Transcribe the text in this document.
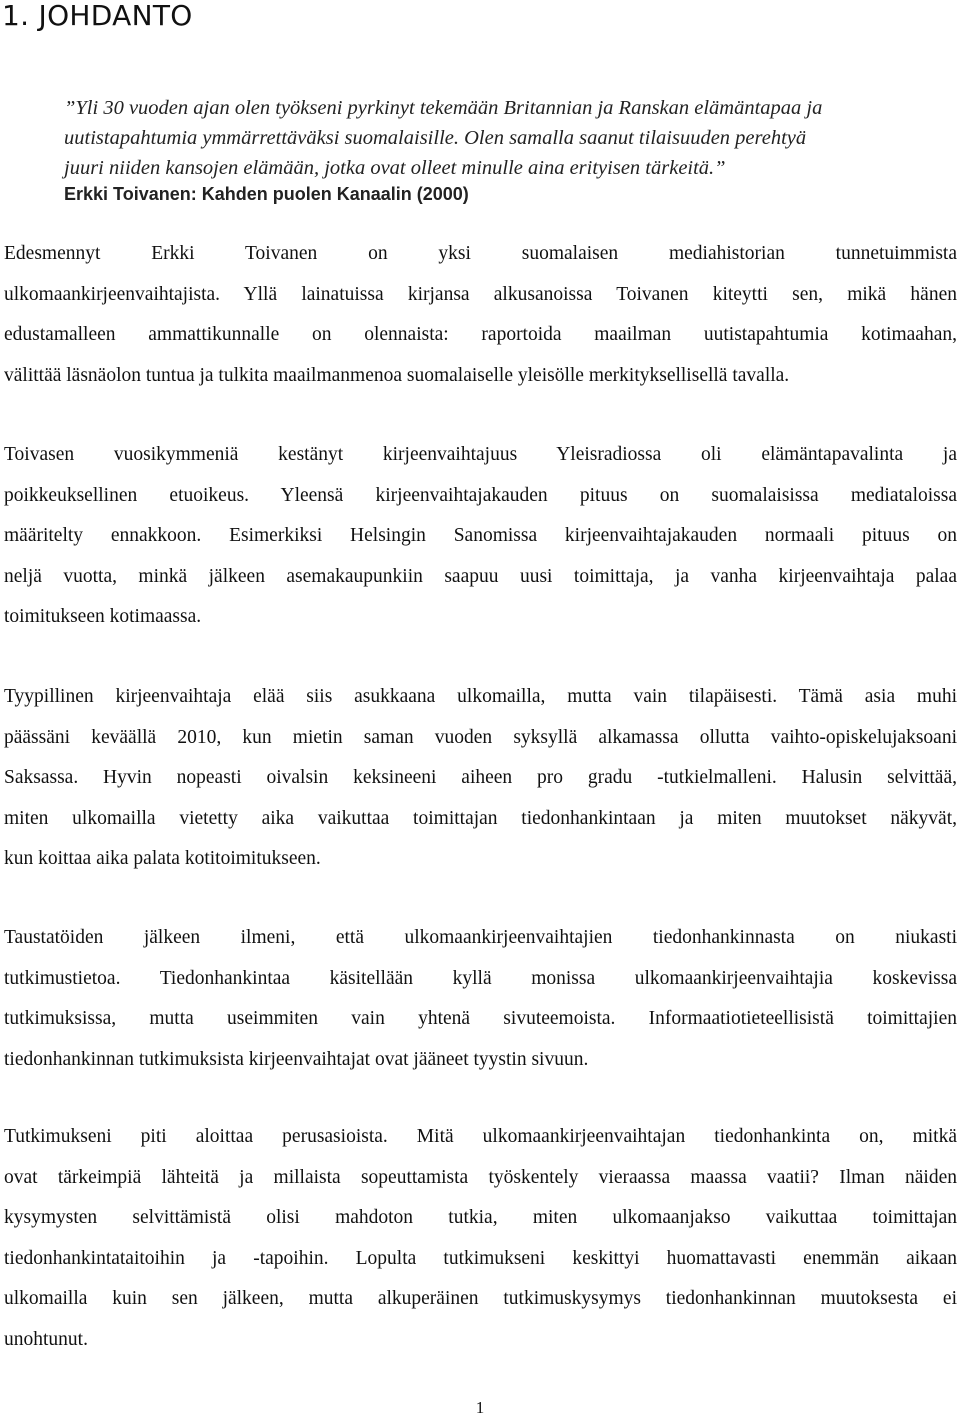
1. JOHDANTO
”Yli 30 vuoden ajan olen työkseni pyrkinyt tekemään Britannian ja Ranskan elämäntapaa ja
uutistapahtumia ymmärrettäväksi suomalaisille. Olen samalla saanut tilaisuuden perehtyä
juuri niiden kansojen elämään, jotka ovat olleet minulle aina erityisen tärkeitä.”
Erkki Toivanen: Kahden puolen Kanaalin (2000)
Edesmennyt Erkki Toivanen on yksi suomalaisen mediahistorian tunnetuimmista
ulkomaankirjeenvaihtajista. Yllä lainatuissa kirjansa alkusanoissa Toivanen kiteytti sen, mikä hänen
edustamalleen ammattikunnalle on olennaista: raportoida maailman uutistapahtumia kotimaahan,
välittää läsnäolon tuntua ja tulkita maailmanmenoa suomalaiselle yleisölle merkityksellisellä tavalla.
Toivasen vuosikymmeniä kestänyt kirjeenvaihtajuus Yleisradiossa oli elämäntapavalinta ja
poikkeuksellinen etuoikeus. Yleensä kirjeenvaihtajakauden pituus on suomalaisissa mediataloissa
määritelty ennakkoon. Esimerkiksi Helsingin Sanomissa kirjeenvaihtajakauden normaali pituus on
neljä vuotta, minkä jälkeen asemakaupunkiin saapuu uusi toimittaja, ja vanha kirjeenvaihtaja palaa
toimitukseen kotimaassa.
Tyypillinen kirjeenvaihtaja elää siis asukkaana ulkomailla, mutta vain tilapäisesti. Tämä asia muhi
päässäni keväällä 2010, kun mietin saman vuoden syksyllä alkamassa ollutta vaihto-opiskelujaksoani
Saksassa. Hyvin nopeasti oivalsin keksineeni aiheen pro gradu -tutkielmalleni. Halusin selvittää,
miten ulkomailla vietetty aika vaikuttaa toimittajan tiedonhankintaan ja miten muutokset näkyvät,
kun koittaa aika palata kotitoimitukseen.
Taustatöiden jälkeen ilmeni, että ulkomaankirjeenvaihtajien tiedonhankinnasta on niukasti
tutkimustietoa. Tiedonhankintaa käsitellään kyllä monissa ulkomaankirjeenvaihtajia koskevissa
tutkimuksissa, mutta useimmiten vain yhtenä sivuteemoista. Informaatiotieteellisistä toimittajien
tiedonhankinnan tutkimuksista kirjeenvaihtajat ovat jääneet tyystin sivuun.
Tutkimukseni piti aloittaa perusasioista. Mitä ulkomaankirjeenvaihtajan tiedonhankinta on, mitkä
ovat tärkeimpiä lähteitä ja millaista sopeuttamista työskentely vieraassa maassa vaatii? Ilman näiden
kysymysten selvittämistä olisi mahdoton tutkia, miten ulkomaanjakso vaikuttaa toimittajan
tiedonhankintataitoihin ja -tapoihin. Lopulta tutkimukseni keskittyi huomattavasti enemmän aikaan
ulkomailla kuin sen jälkeen, mutta alkuperäinen tutkimuskysymys tiedonhankinnan muutoksesta ei
unohtunut.
1
